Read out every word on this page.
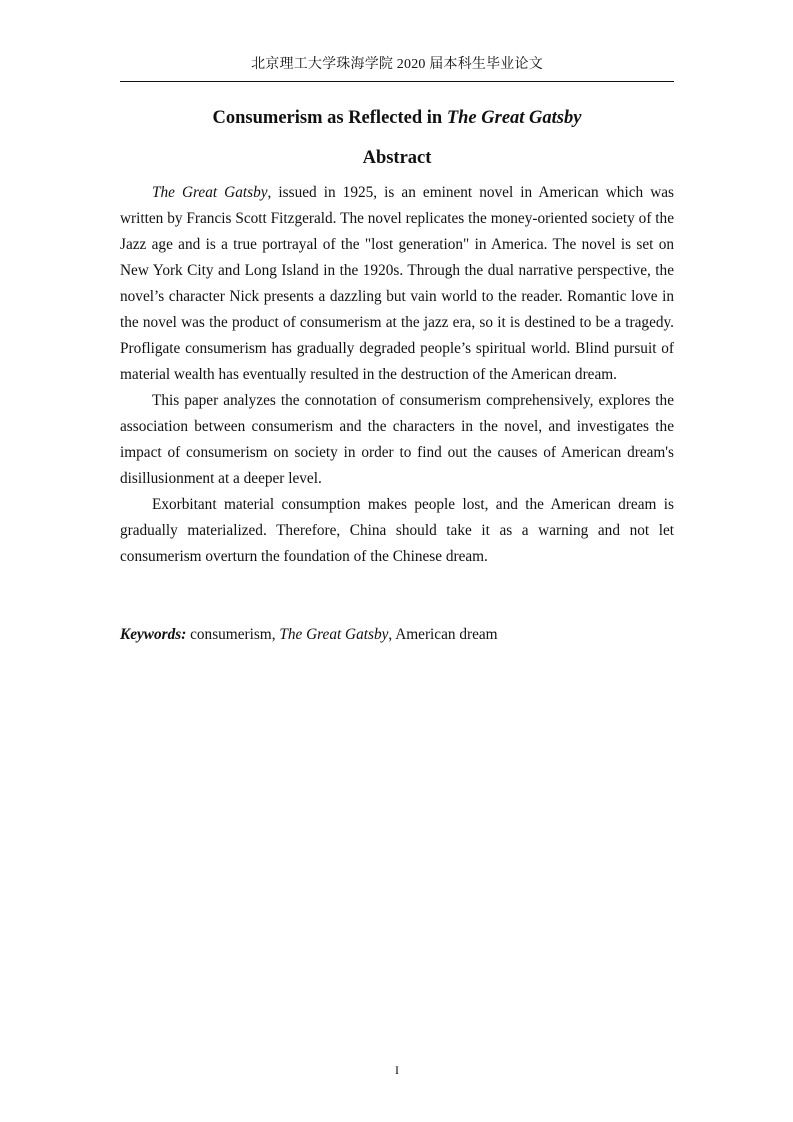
北京理工大学珠海学院 2020 届本科生毕业论文
Consumerism as Reflected in The Great Gatsby
Abstract

The Great Gatsby, issued in 1925, is an eminent novel in American which was written by Francis Scott Fitzgerald. The novel replicates the money-oriented society of the Jazz age and is a true portrayal of the "lost generation" in America. The novel is set on New York City and Long Island in the 1920s. Through the dual narrative perspective, the novel’s character Nick presents a dazzling but vain world to the reader. Romantic love in the novel was the product of consumerism at the jazz era, so it is destined to be a tragedy. Profligate consumerism has gradually degraded people’s spiritual world. Blind pursuit of material wealth has eventually resulted in the destruction of the American dream.

This paper analyzes the connotation of consumerism comprehensively, explores the association between consumerism and the characters in the novel, and investigates the impact of consumerism on society in order to find out the causes of American dream's disillusionment at a deeper level.

Exorbitant material consumption makes people lost, and the American dream is gradually materialized. Therefore, China should take it as a warning and not let consumerism overturn the foundation of the Chinese dream.

Keywords: consumerism, The Great Gatsby, American dream
I
